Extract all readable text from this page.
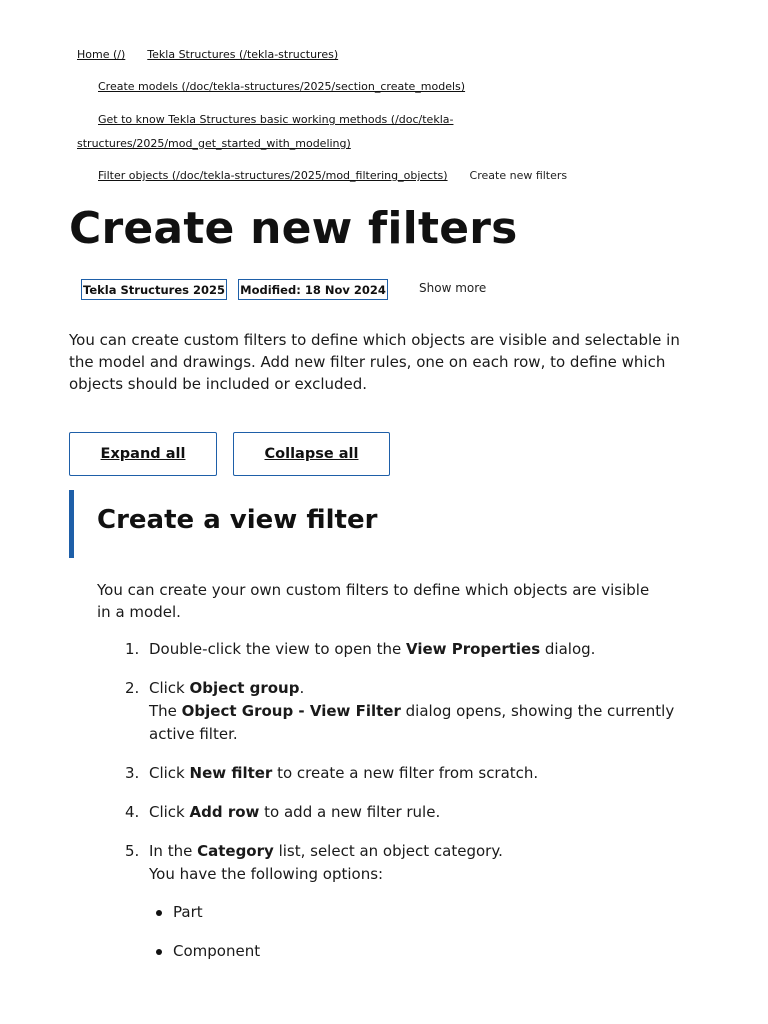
Home (/) Tekla Structures (/tekla-structures)
Create models (/doc/tekla-structures/2025/section_create_models)
Get to know Tekla Structures basic working methods (/doc/tekla-
structures/2025/mod_get_started_with_modeling)
Filter objects (/doc/tekla-structures/2025/mod_filtering_objects) Create new filters
Create new filters
Tekla Structures 2025 Modified: 18 Nov 2024	Show more

You can create custom filters to define which objects are visible and selectable in the model and drawings. Add new filter rules, one on each row, to define which objects should be included or excluded.

Expand all	Collapse all
Create a view filter

You can create your own custom filters to define which objects are visible in a model.

1. Double-click the view to open the View Properties dialog.
2. Click Object group.
The Object Group - View Filter dialog opens, showing the currently active filter.
3. Click New filter to create a new filter from scratch.
4. Click Add row to add a new filter rule.
5. In the Category list, select an object category.
You have the following options:
Part
Component
